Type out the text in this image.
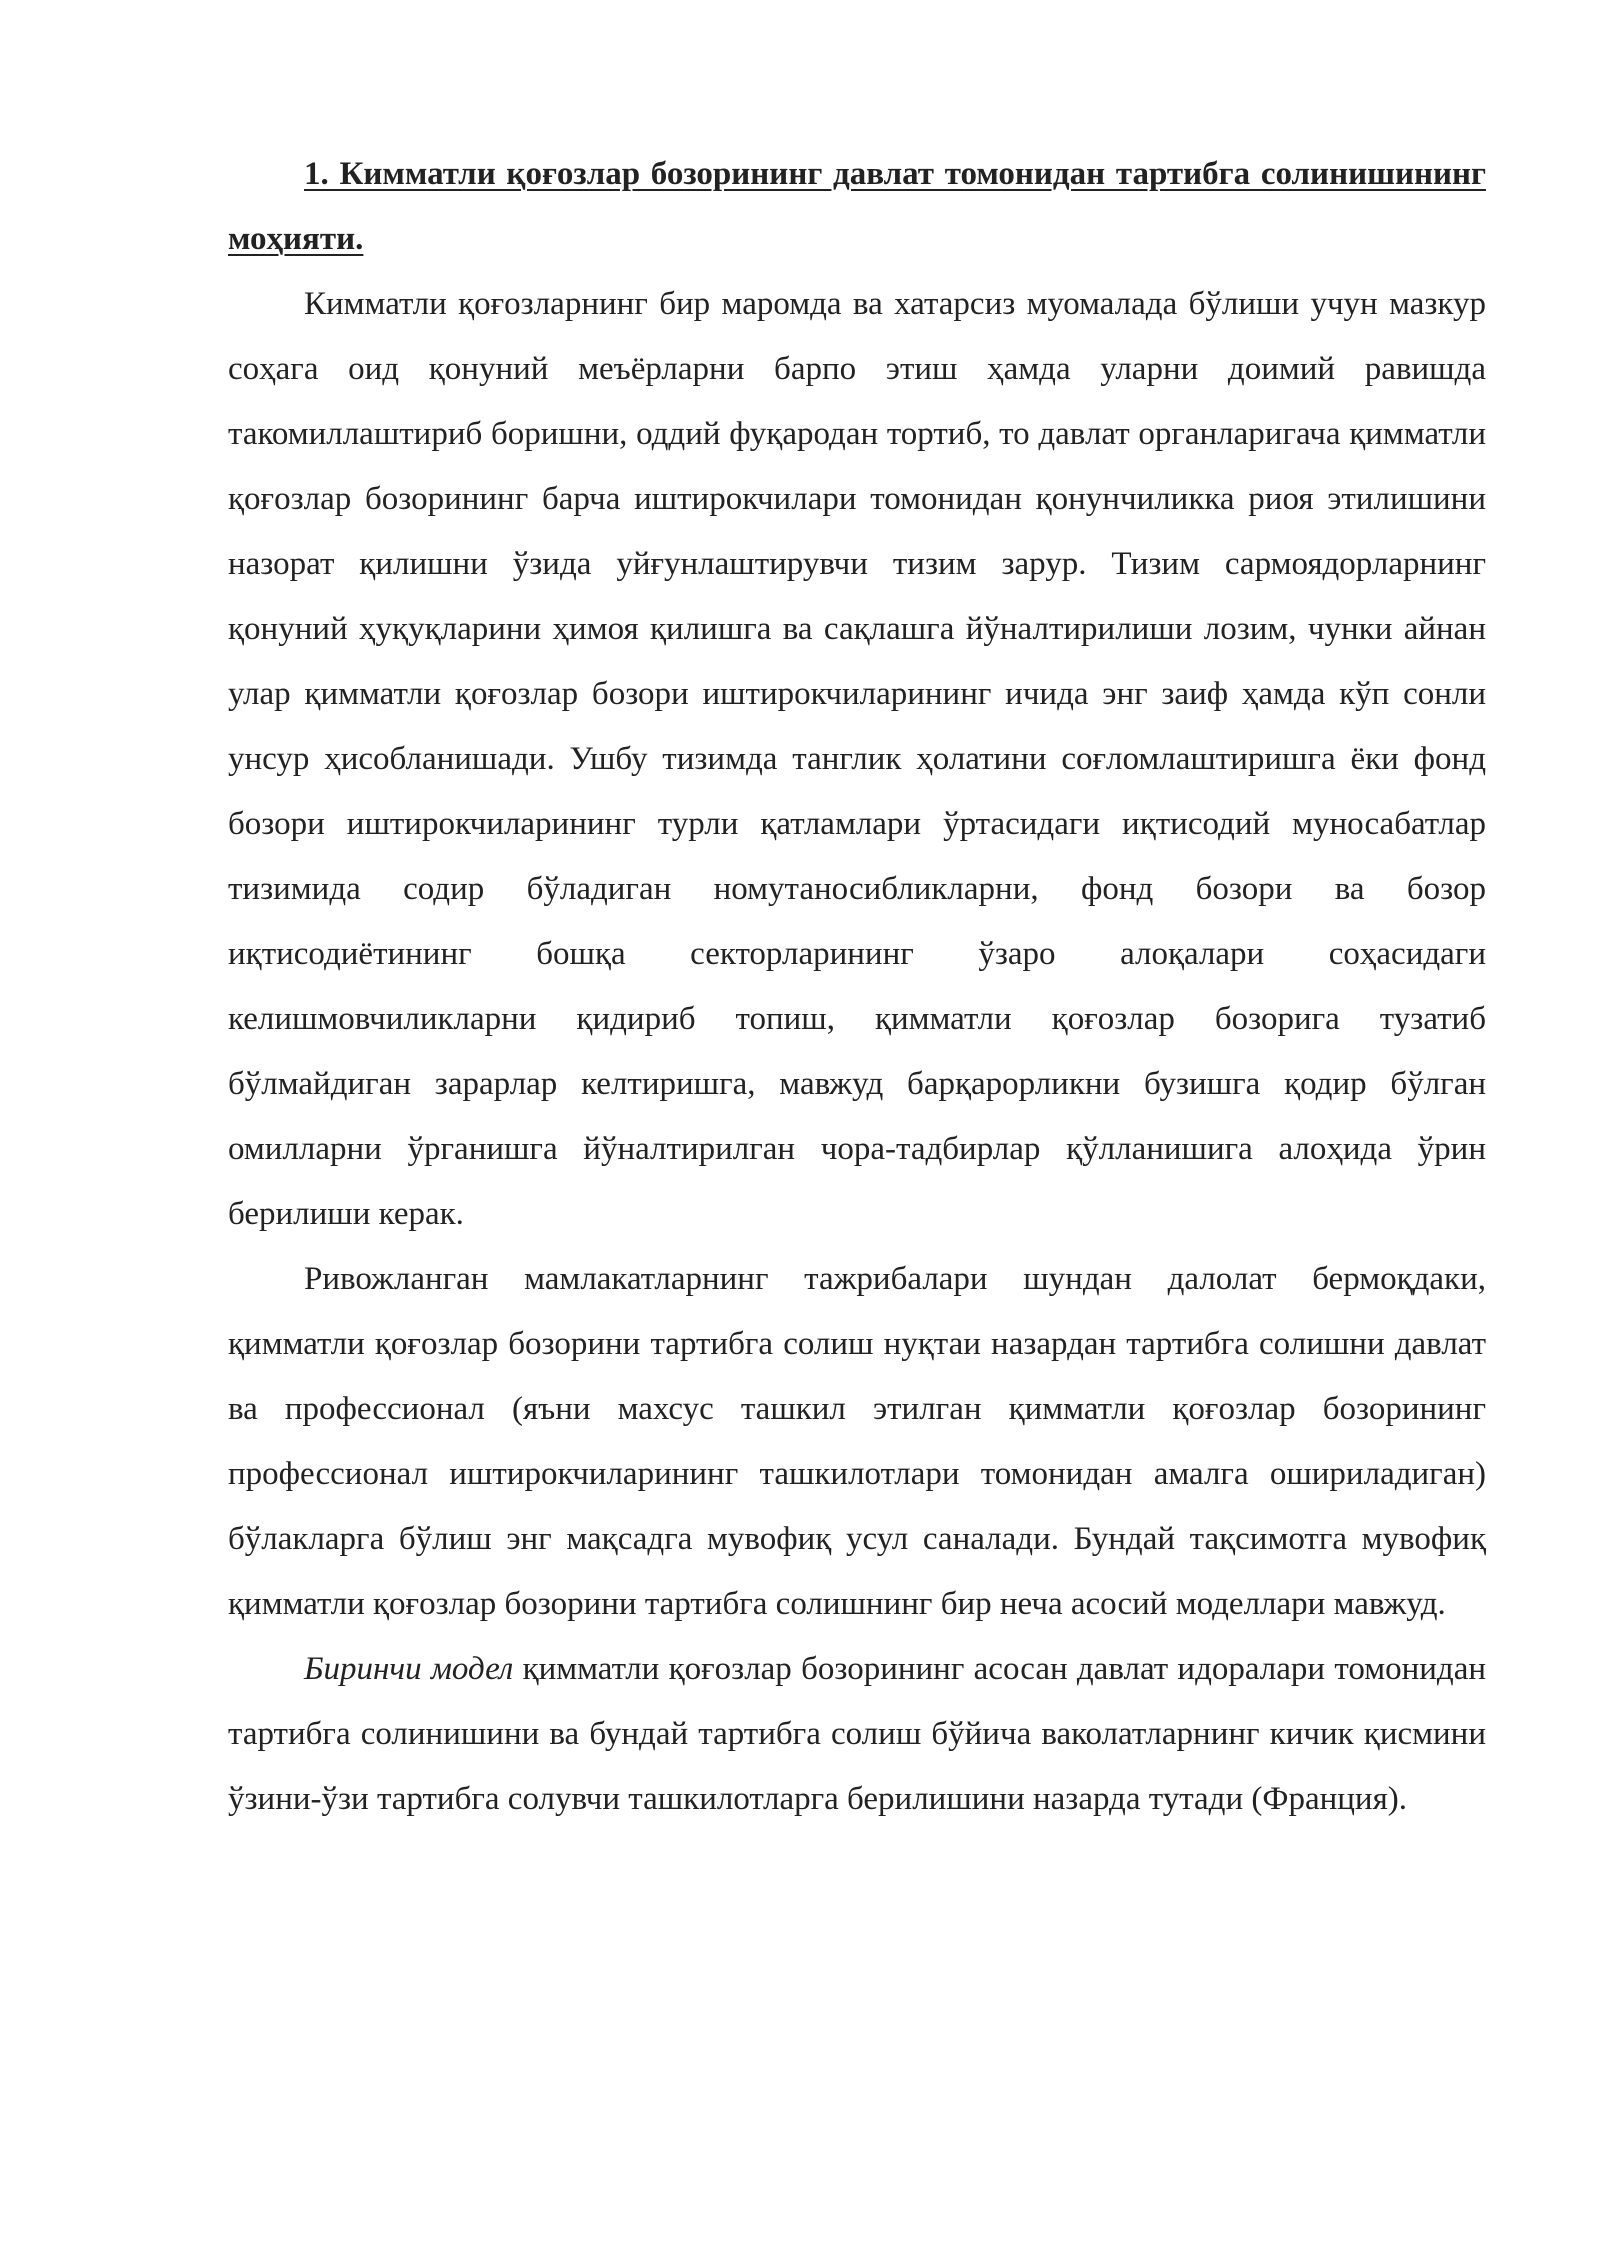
1. Кимматли қоғозлар бозорининг давлат томонидан тартибга солинишининг моҳияти.

Кимматли қоғозларнинг бир маромда ва хатарсиз муомалада бўлиши учун мазкур соҳага оид қонуний меъёрларни барпо этиш ҳамда уларни доимий равишда такомиллаштириб боришни, оддий фуқародан тортиб, то давлат органларигача қимматли қоғозлар бозорининг барча иштирокчилари томонидан қонунчиликка риоя этилишини назорат қилишни ўзида уйғунлаштирувчи тизим зарур. Тизим сармоядорларнинг қонуний ҳуқуқларини ҳимоя қилишга ва сақлашга йўналтирилиши лозим, чунки айнан улар қимматли қоғозлар бозори иштирокчиларининг ичида энг заиф ҳамда кўп сонли унсур ҳисобланишади. Ушбу тизимда танглик ҳолатини соғломлаштиришга ёки фонд бозори иштирокчиларининг турли қатламлари ўртасидаги иқтисодий муносабатлар тизимида содир бўладиган номутаносибликларни, фонд бозори ва бозор иқтисодиётининг бошқа секторларининг ўзаро алоқалари соҳасидаги келишмовчиликларни қидириб топиш, қимматли қоғозлар бозорига тузатиб бўлмайдиган зарарлар келтиришга, мавжуд барқарорликни бузишга қодир бўлган омилларни ўрганишга йўналтирилган чора-тадбирлар қўлланишига алоҳида ўрин берилиши керак.

Ривожланган мамлакатларнинг тажрибалари шундан далолат бермоқдаки, қимматли қоғозлар бозорини тартибга солиш нуқтаи назардан тартибга солишни давлат ва профессионал (яъни махсус ташкил этилган қимматли қоғозлар бозорининг профессионал иштирокчиларининг ташкилотлари томонидан амалга ошириладиган) бўлакларга бўлиш энг мақсадга мувофиқ усул саналади. Бундай тақсимотга мувофиқ қимматли қоғозлар бозорини тартибга солишнинг бир неча асосий моделлари мавжуд.

Биринчи модел қимматли қоғозлар бозорининг асосан давлат идоралари томонидан тартибга солинишини ва бундай тартибга солиш бўйича ваколатларнинг кичик қисмини ўзини-ўзи тартибга солувчи ташкилотларга берилишини назарда тутади (Франция).
